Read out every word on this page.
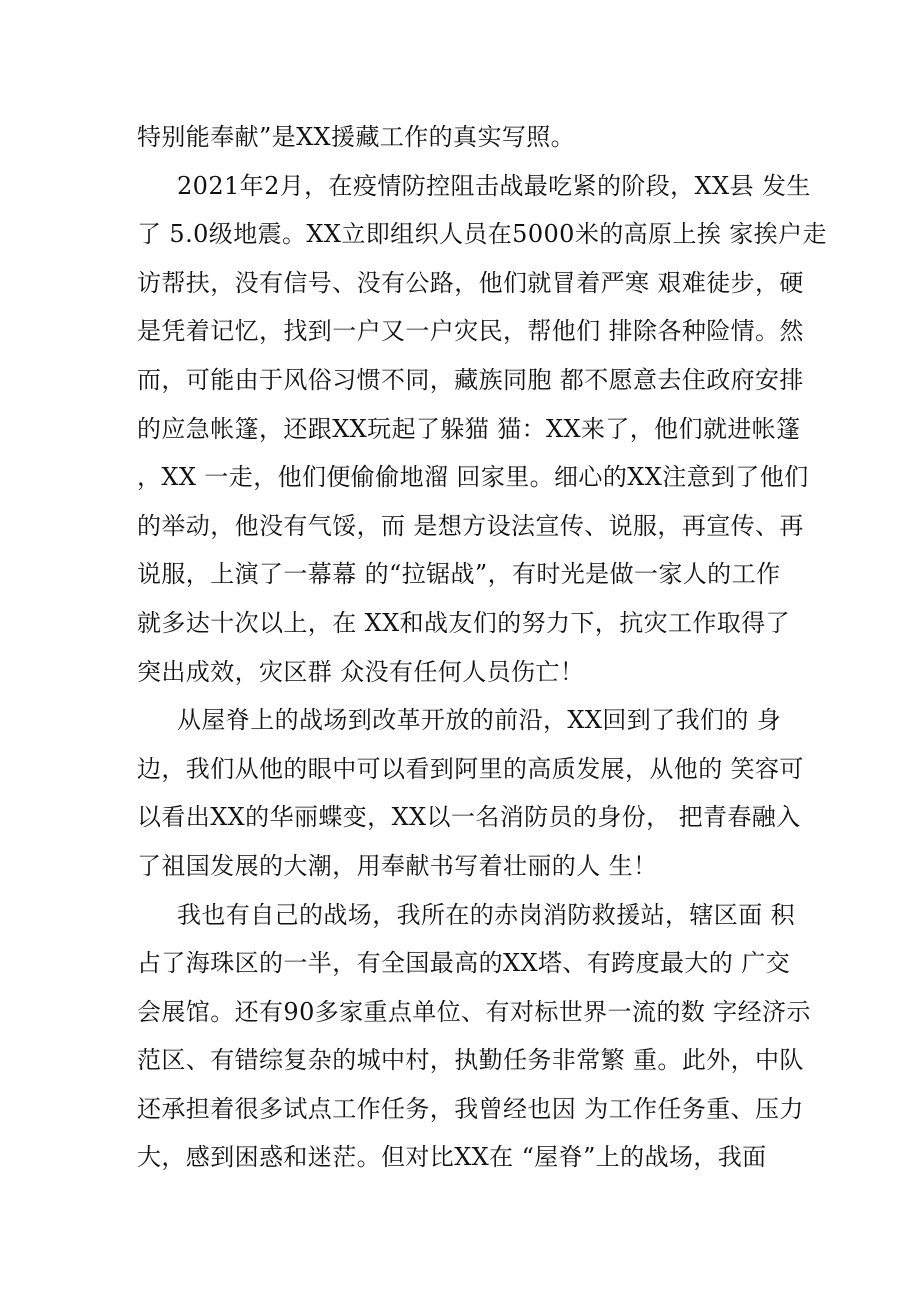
特别能奉献”是XX援藏工作的真实写照。
2021年2月，在疫情防控阻击战最吃紧的阶段，XX县 发生
了 5.0级地震。XX立即组织人员在5000米的高原上挨 家挨户走
访帮扶，没有信号、没有公路，他们就冒着严寒 艰难徒步，硬
是凭着记忆，找到一户又一户灾民，帮他们 排除各种险情。然
而，可能由于风俗习惯不同，藏族同胞 都不愿意去住政府安排
的应急帐篷，还跟XX玩起了躲猫 猫：XX来了，他们就进帐篷
，XX 一走，他们便偷偷地溜 回家里。细心的XX注意到了他们
的举动，他没有气馁，而 是想方设法宣传、说服，再宣传、再
说服，上演了一幕幕 的“拉锯战”，有时光是做一家人的工作
就多达十次以上，在 XX和战友们的努力下，抗灾工作取得了
突出成效，灾区群 众没有任何人员伤亡！
从屋脊上的战场到改革开放的前沿，XX回到了我们的 身
边，我们从他的眼中可以看到阿里的高质发展，从他的 笑容可
以看出XX的华丽蝶变，XX以一名消防员的身份， 把青春融入
了祖国发展的大潮，用奉献书写着壮丽的人 生！
我也有自己的战场，我所在的赤岗消防救援站，辖区面 积
占了海珠区的一半，有全国最高的XX塔、有跨度最大的 广交
会展馆。还有90多家重点单位、有对标世界一流的数 字经济示
范区、有错综复杂的城中村，执勤任务非常繁 重。此外，中队
还承担着很多试点工作任务，我曾经也因 为工作任务重、压力
大，感到困惑和迷茫。但对比XX在 “屋脊”上的战场，我面
